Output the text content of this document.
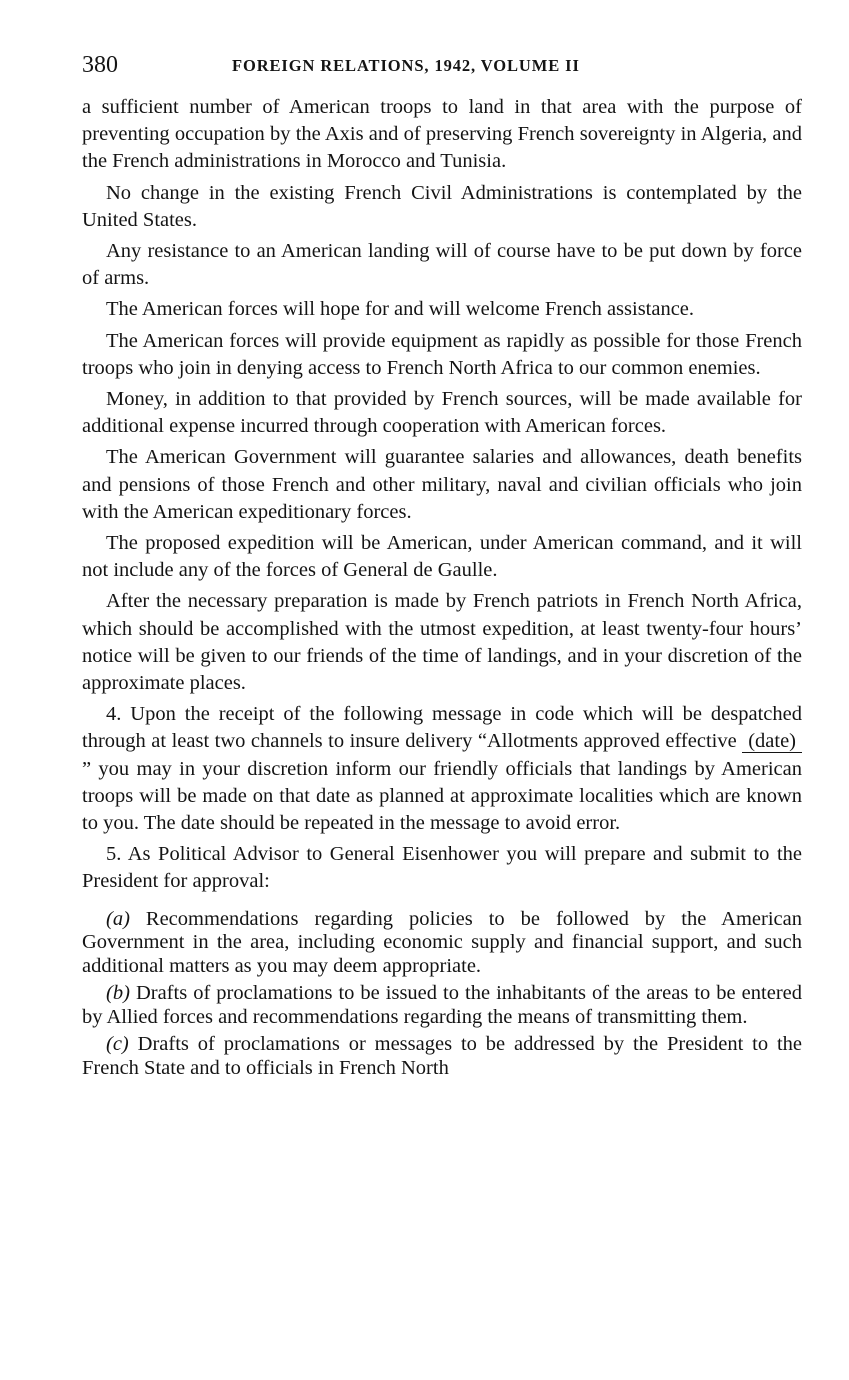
380	FOREIGN RELATIONS, 1942, VOLUME II

a sufficient number of American troops to land in that area with the purpose of preventing occupation by the Axis and of preserving French sovereignty in Algeria, and the French administrations in Morocco and Tunisia.

No change in the existing French Civil Administrations is contemplated by the United States.

Any resistance to an American landing will of course have to be put down by force of arms.

The American forces will hope for and will welcome French assistance.

The American forces will provide equipment as rapidly as possible for those French troops who join in denying access to French North Africa to our common enemies.

Money, in addition to that provided by French sources, will be made available for additional expense incurred through cooperation with American forces.

The American Government will guarantee salaries and allowances, death benefits and pensions of those French and other military, naval and civilian officials who join with the American expeditionary forces.

The proposed expedition will be American, under American command, and it will not include any of the forces of General de Gaulle.

After the necessary preparation is made by French patriots in French North Africa, which should be accomplished with the utmost expedition, at least twenty-four hours’ notice will be given to our friends of the time of landings, and in your discretion of the approximate places.

4. Upon the receipt of the following message in code which will be despatched through at least two channels to insure delivery “Allotments approved effective (date) ” you may in your discretion inform our friendly officials that landings by American troops will be made on that date as planned at approximate localities which are known to you. The date should be repeated in the message to avoid error.

5. As Political Advisor to General Eisenhower you will prepare and submit to the President for approval:

(a) Recommendations regarding policies to be followed by the American Government in the area, including economic supply and financial support, and such additional matters as you may deem appropriate.

(b) Drafts of proclamations to be issued to the inhabitants of the areas to be entered by Allied forces and recommendations regarding the means of transmitting them.

(c) Drafts of proclamations or messages to be addressed by the President to the French State and to officials in French North
